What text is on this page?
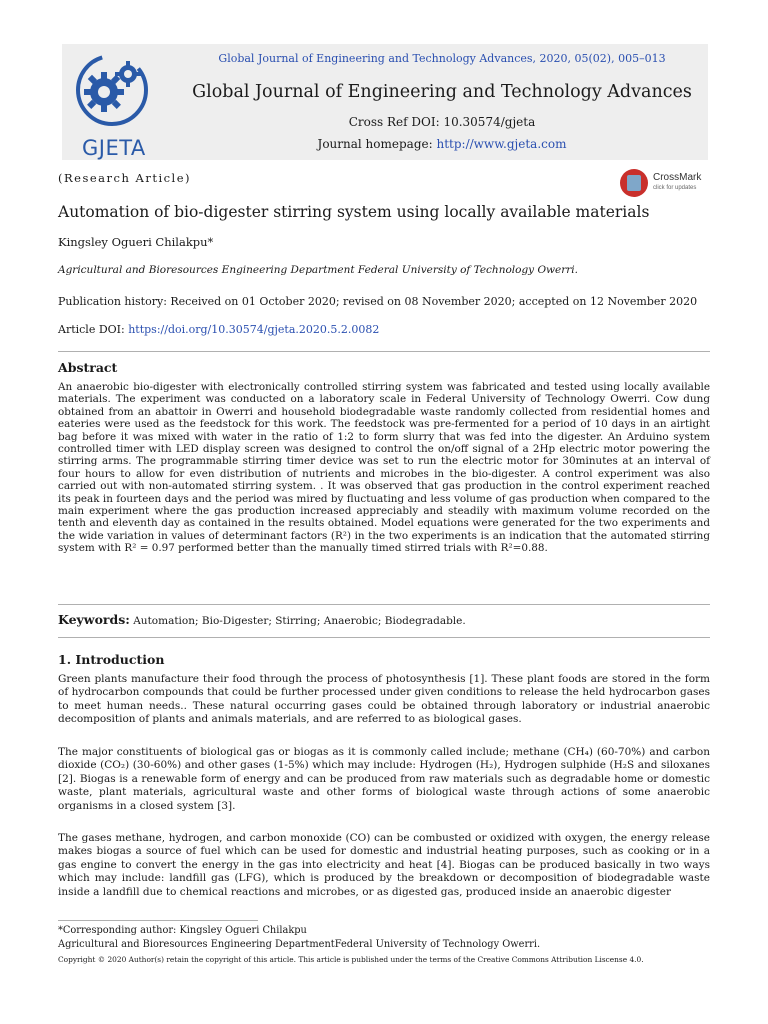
GJETA
Global Journal of Engineering and Technology Advances, 2020, 05(02), 005–013
Global Journal of Engineering and Technology Advances
Cross Ref DOI: 10.30574/gjeta
Journal homepage: http://www.gjeta.com
(Research Article)	CrossMark
click for updates
Automation of bio-digester stirring system using locally available materials
Kingsley Ogueri Chilakpu*
Agricultural and Bioresources Engineering Department Federal University of Technology Owerri.
Publication history: Received on 01 October 2020; revised on 08 November 2020; accepted on 12 November 2020
Article DOI: https://doi.org/10.30574/gjeta.2020.5.2.0082
Abstract
An anaerobic bio-digester with electronically controlled stirring system was fabricated and tested using locally available materials. The experiment was conducted on a laboratory scale in Federal University of Technology Owerri. Cow dung obtained from an abattoir in Owerri and household biodegradable waste randomly collected from residential homes and eateries were used as the feedstock for this work. The feedstock was pre-fermented for a period of 10 days in an airtight bag before it was mixed with water in the ratio of 1:2 to form slurry that was fed into the digester. An Arduino system controlled timer with LED display screen was designed to control the on/off signal of a 2Hp electric motor powering the stirring arms. The programmable stirring timer device was set to run the electric motor for 30minutes at an interval of four hours to allow for even distribution of nutrients and microbes in the bio-digester. A control experiment was also carried out with non-automated stirring system. . It was observed that gas production in the control experiment reached its peak in fourteen days and the period was mired by fluctuating and less volume of gas production when compared to the main experiment where the gas production increased appreciably and steadily with maximum volume recorded on the tenth and eleventh day as contained in the results obtained. Model equations were generated for the two experiments and the wide variation in values of determinant factors (R²) in the two experiments is an indication that the automated stirring system with R² = 0.97 performed better than the manually timed stirred trials with R²=0.88.
Keywords: Automation; Bio-Digester; Stirring; Anaerobic; Biodegradable.
1. Introduction
Green plants manufacture their food through the process of photosynthesis [1]. These plant foods are stored in the form of hydrocarbon compounds that could be further processed under given conditions to release the held hydrocarbon gases to meet human needs.. These natural occurring gases could be obtained through laboratory or industrial anaerobic decomposition of plants and animals materials, and are referred to as biological gases.
The major constituents of biological gas or biogas as it is commonly called include; methane (CH₄) (60-70%) and carbon dioxide (CO₂) (30-60%) and other gases (1-5%) which may include: Hydrogen (H₂), Hydrogen sulphide (H₂S and siloxanes [2]. Biogas is a renewable form of energy and can be produced from raw materials such as degradable home or domestic waste, plant materials, agricultural waste and other forms of biological waste through actions of some anaerobic organisms in a closed system [3].
The gases methane, hydrogen, and carbon monoxide (CO) can be combusted or oxidized with oxygen, the energy release makes biogas a source of fuel which can be used for domestic and industrial heating purposes, such as cooking or in a gas engine to convert the energy in the gas into electricity and heat [4]. Biogas can be produced basically in two ways which may include: landfill gas (LFG), which is produced by the breakdown or decomposition of biodegradable waste inside a landfill due to chemical reactions and microbes, or as digested gas, produced inside an anaerobic digester
*Corresponding author: Kingsley Ogueri Chilakpu
Agricultural and Bioresources Engineering DepartmentFederal University of Technology Owerri.
Copyright © 2020 Author(s) retain the copyright of this article. This article is published under the terms of the Creative Commons Attribution Liscense 4.0.
